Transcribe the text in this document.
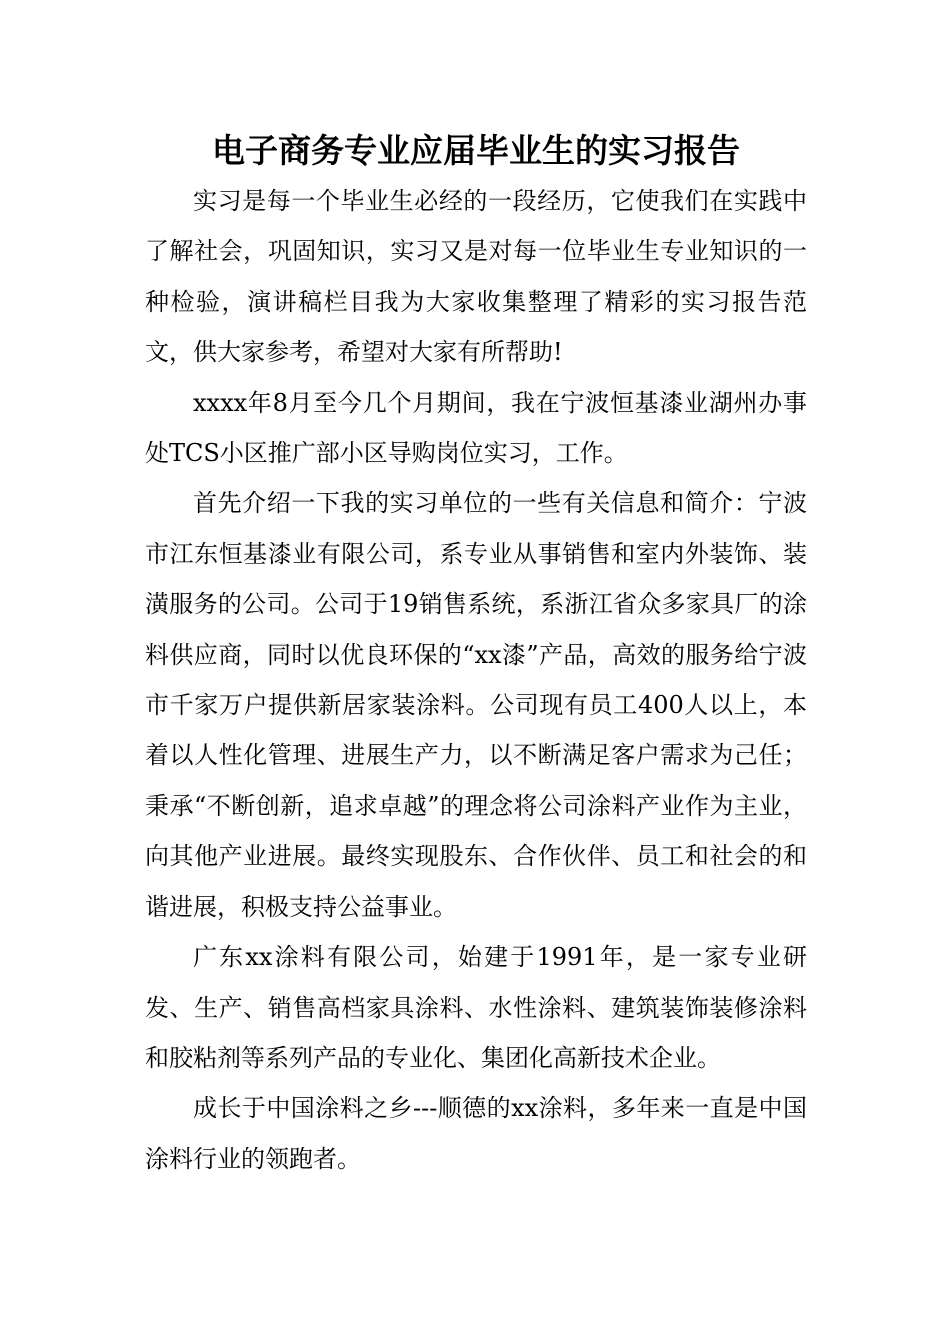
电子商务专业应届毕业生的实习报告

实习是每一个毕业生必经的一段经历，它使我们在实践中了解社会，巩固知识，实习又是对每一位毕业生专业知识的一种检验，演讲稿栏目我为大家收集整理了精彩的实习报告范文，供大家参考，希望对大家有所帮助!

xxxx年8月至今几个月期间，我在宁波恒基漆业湖州办事处TCS小区推广部小区导购岗位实习，工作。

首先介绍一下我的实习单位的一些有关信息和简介：宁波市江东恒基漆业有限公司，系专业从事销售和室内外装饰、装潢服务的公司。公司于19销售系统，系浙江省众多家具厂的涂料供应商，同时以优良环保的“xx漆”产品，高效的服务给宁波市千家万户提供新居家装涂料。公司现有员工400人以上，本着以人性化管理、进展生产力，以不断满足客户需求为己任；秉承“不断创新，追求卓越”的理念将公司涂料产业作为主业，向其他产业进展。最终实现股东、合作伙伴、员工和社会的和谐进展，积极支持公益事业。

广东xx涂料有限公司，始建于1991年，是一家专业研发、生产、销售高档家具涂料、水性涂料、建筑装饰装修涂料和胶粘剂等系列产品的专业化、集团化高新技术企业。

成长于中国涂料之乡---顺德的xx涂料，多年来一直是中国涂料行业的领跑者。
